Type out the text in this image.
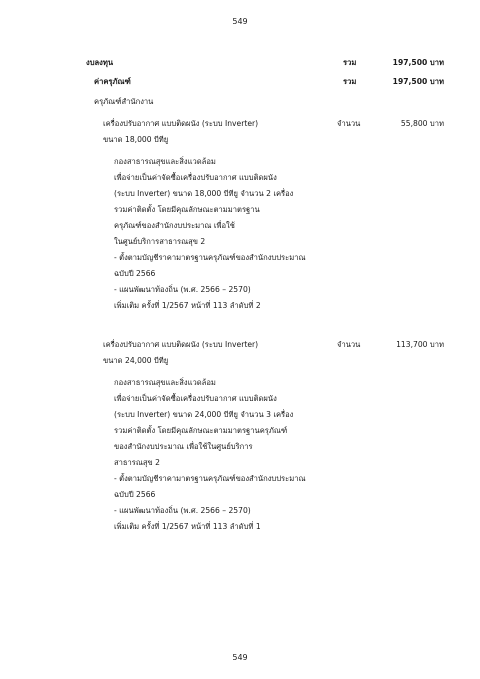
549
งบลงทุน	รวม	197,500 บาท
ค่าครุภัณฑ์	รวม	197,500 บาท
ครุภัณฑ์สำนักงาน
เครื่องปรับอากาศ แบบติดผนัง (ระบบ Inverter)	จำนวน	55,800 บาท
ขนาด 18,000 บีทียู
กองสาธารณสุขและสิ่งแวดล้อม
เพื่อจ่ายเป็นค่าจัดซื้อเครื่องปรับอากาศ แบบติดผนัง
(ระบบ Inverter) ขนาด 18,000 บีทียู จำนวน 2 เครื่อง
รวมค่าติดตั้ง โดยมีคุณลักษณะตามมาตรฐาน
ครุภัณฑ์ของสำนักงบประมาณ เพื่อใช้
ในศูนย์บริการสาธารณสุข 2
- ตั้งตามบัญชีราคามาตรฐานครุภัณฑ์ของสำนักงบประมาณ
ฉบับปี 2566
- แผนพัฒนาท้องถิ่น (พ.ศ. 2566 – 2570)
เพิ่มเติม ครั้งที่ 1/2567 หน้าที่ 113 ลำดับที่ 2
เครื่องปรับอากาศ แบบติดผนัง (ระบบ Inverter)	จำนวน	113,700 บาท
ขนาด 24,000 บีทียู
กองสาธารณสุขและสิ่งแวดล้อม
เพื่อจ่ายเป็นค่าจัดซื้อเครื่องปรับอากาศ แบบติดผนัง
(ระบบ Inverter) ขนาด 24,000 บีทียู จำนวน 3 เครื่อง
รวมค่าติดตั้ง โดยมีคุณลักษณะตามมาตรฐานครุภัณฑ์
ของสำนักงบประมาณ เพื่อใช้ในศูนย์บริการ
สาธารณสุข 2
- ตั้งตามบัญชีราคามาตรฐานครุภัณฑ์ของสำนักงบประมาณ
ฉบับปี 2566
- แผนพัฒนาท้องถิ่น (พ.ศ. 2566 – 2570)
เพิ่มเติม ครั้งที่ 1/2567 หน้าที่ 113 ลำดับที่ 1
549
